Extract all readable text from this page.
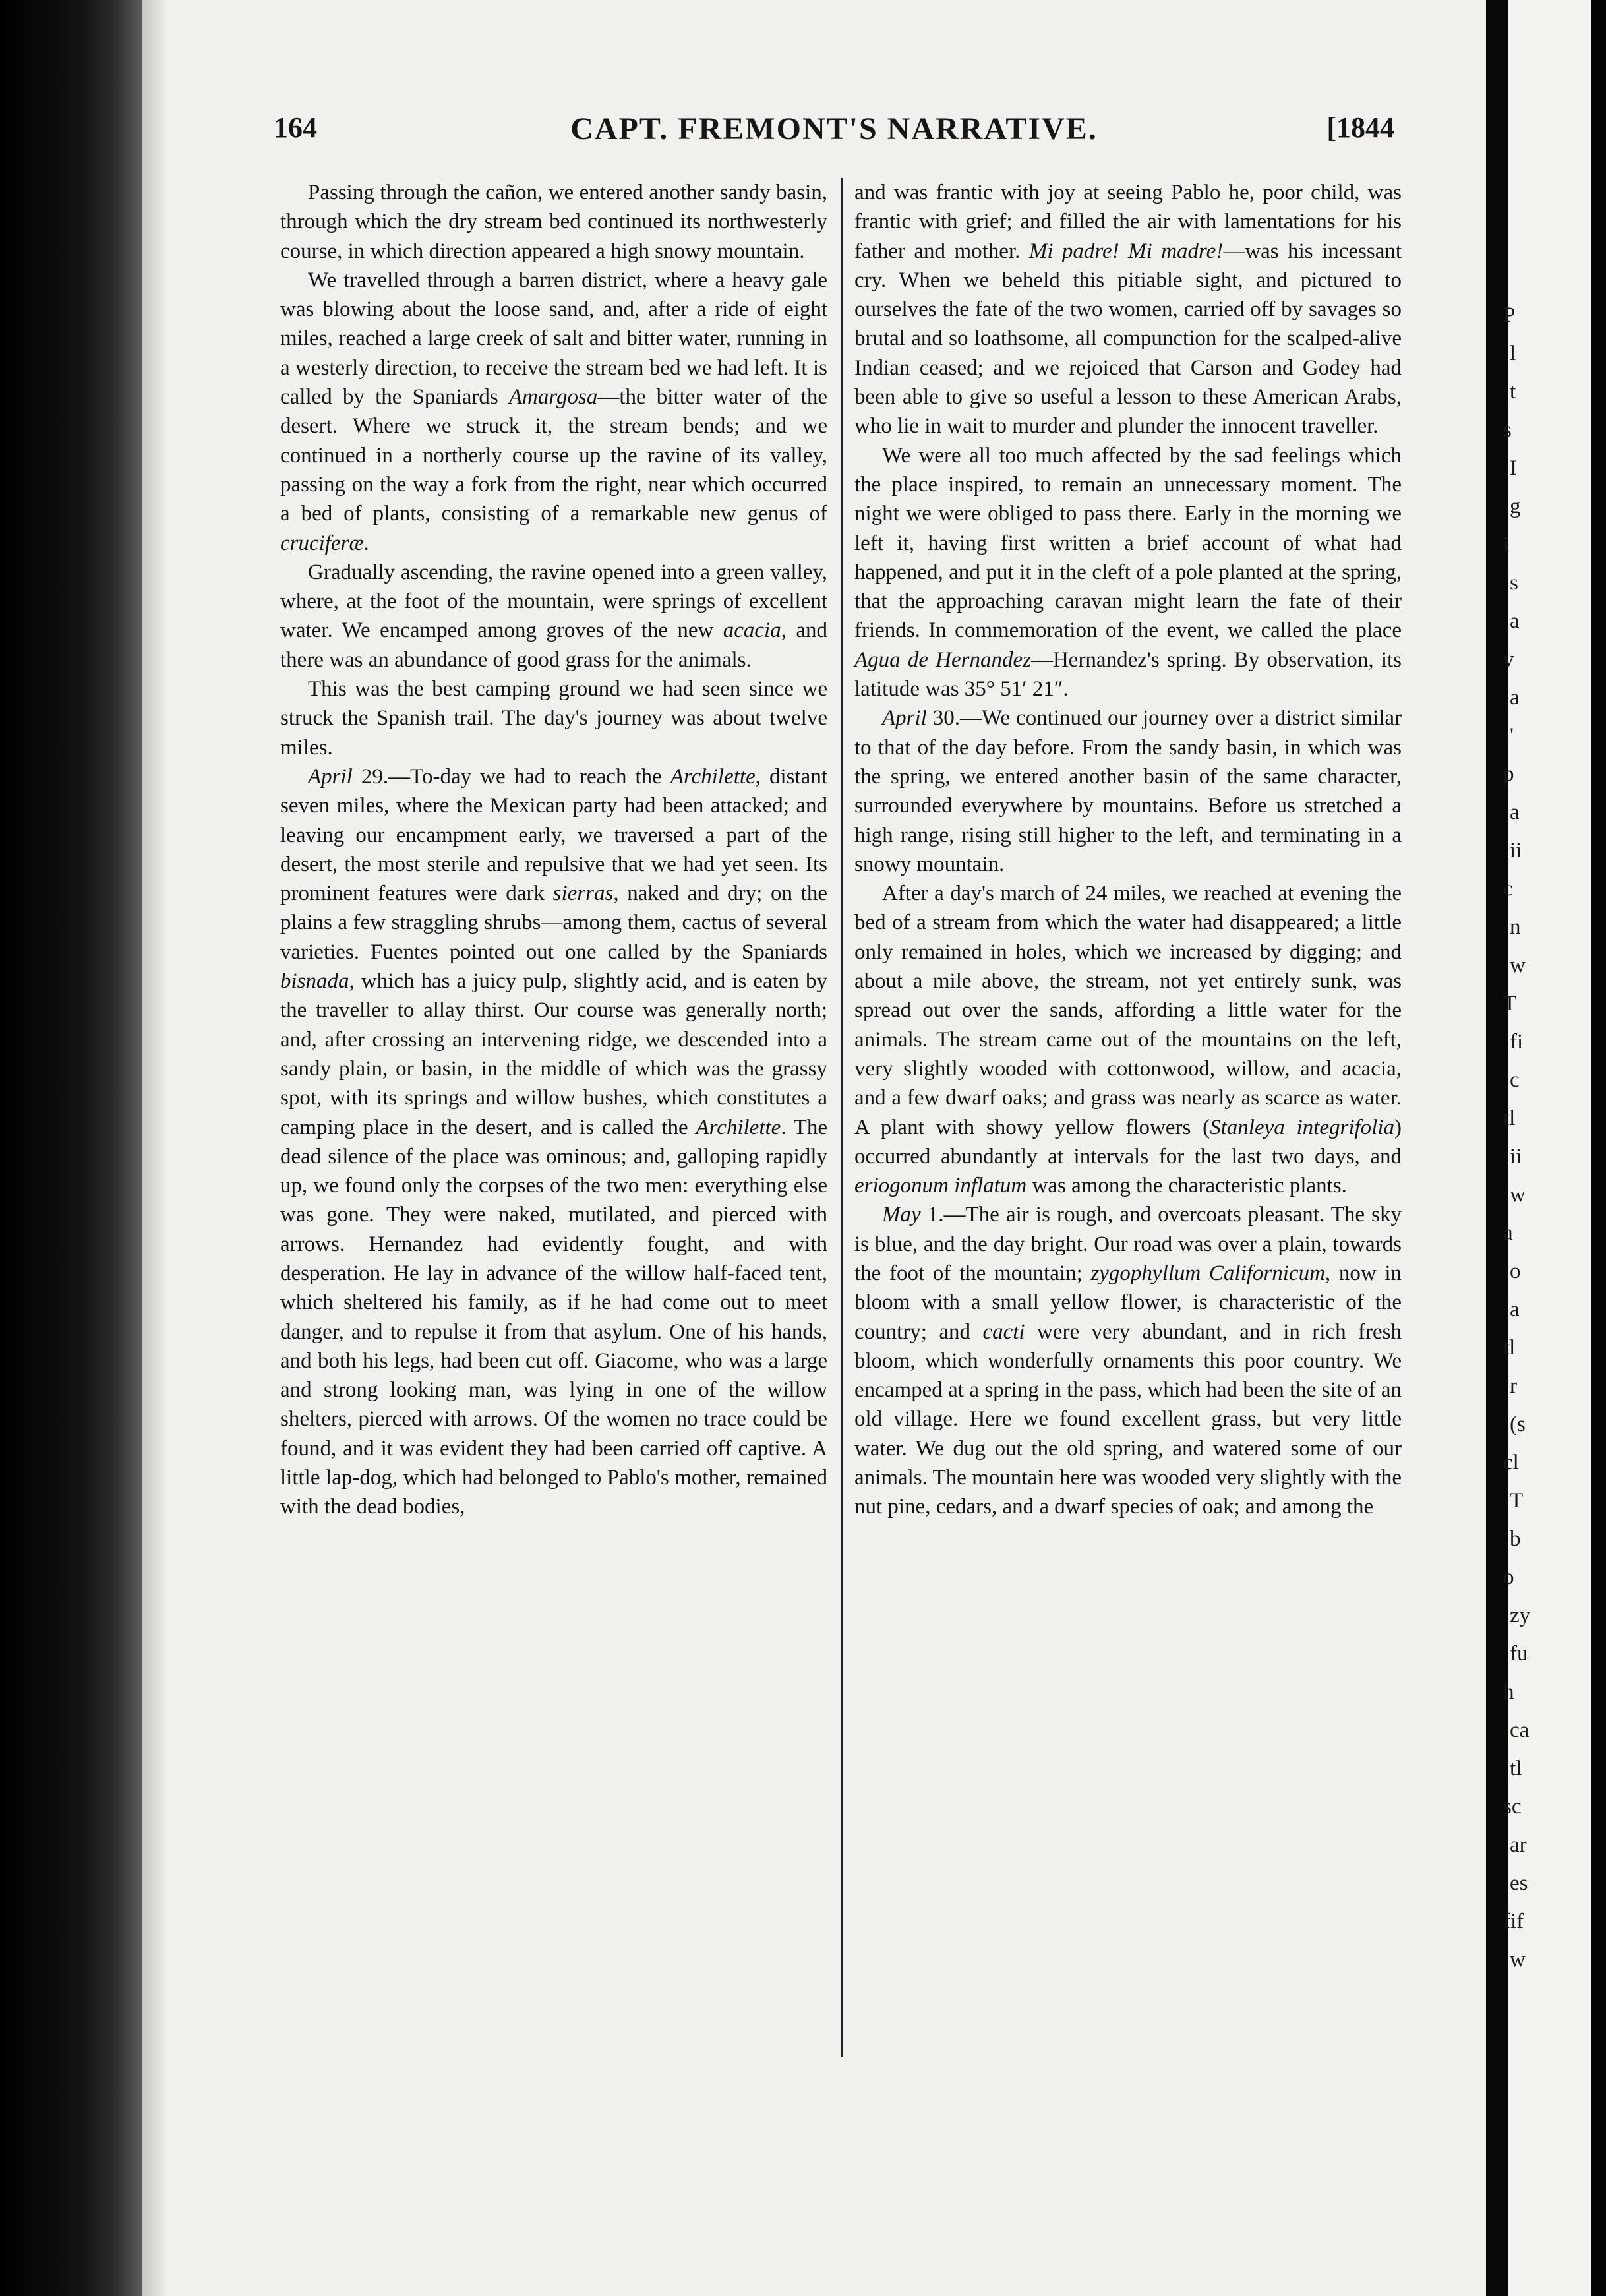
P
l
t
s
I
g
i
s
a
v
a
'
p
a
ii
c
n
w
T
fi
c
tl
ii
w
a
o
a
tl
r
(s
cl
T
b
o
zy
fu
h
ca
tl
sc
ar
es
fif
w
164	CAPT. FREMONT'S NARRATIVE.	[1844

Passing through the cañon, we entered another sandy basin, through which the dry stream bed continued its northwesterly course, in which direction appeared a high snowy mountain.

We travelled through a barren district, where a heavy gale was blowing about the loose sand, and, after a ride of eight miles, reached a large creek of salt and bitter water, running in a westerly direction, to receive the stream bed we had left. It is called by the Spaniards Amargosa—the bitter water of the desert. Where we struck it, the stream bends; and we continued in a northerly course up the ravine of its valley, passing on the way a fork from the right, near which occurred a bed of plants, consisting of a remarkable new genus of cruciferæ.

Gradually ascending, the ravine opened into a green valley, where, at the foot of the mountain, were springs of excellent water. We encamped among groves of the new acacia, and there was an abundance of good grass for the animals.

This was the best camping ground we had seen since we struck the Spanish trail. The day's journey was about twelve miles.

April 29.—To-day we had to reach the Archilette, distant seven miles, where the Mexican party had been attacked; and leaving our encampment early, we traversed a part of the desert, the most sterile and repulsive that we had yet seen. Its prominent features were dark sierras, naked and dry; on the plains a few straggling shrubs—among them, cactus of several varieties. Fuentes pointed out one called by the Spaniards bisnada, which has a juicy pulp, slightly acid, and is eaten by the traveller to allay thirst. Our course was generally north; and, after crossing an intervening ridge, we descended into a sandy plain, or basin, in the middle of which was the grassy spot, with its springs and willow bushes, which constitutes a camping place in the desert, and is called the Archilette. The dead silence of the place was ominous; and, galloping rapidly up, we found only the corpses of the two men: everything else was gone. They were naked, mutilated, and pierced with arrows. Hernandez had evidently fought, and with desperation. He lay in advance of the willow half-faced tent, which sheltered his family, as if he had come out to meet danger, and to repulse it from that asylum. One of his hands, and both his legs, had been cut off. Giacome, who was a large and strong looking man, was lying in one of the willow shelters, pierced with arrows. Of the women no trace could be found, and it was evident they had been carried off captive. A little lap-dog, which had belonged to Pablo's mother, remained with the dead bodies,

and was frantic with joy at seeing Pablo he, poor child, was frantic with grief; and filled the air with lamentations for his father and mother. Mi padre! Mi madre!—was his incessant cry. When we beheld this pitiable sight, and pictured to ourselves the fate of the two women, carried off by savages so brutal and so loathsome, all compunction for the scalped-alive Indian ceased; and we rejoiced that Carson and Godey had been able to give so useful a lesson to these American Arabs, who lie in wait to murder and plunder the innocent traveller.

We were all too much affected by the sad feelings which the place inspired, to remain an unnecessary moment. The night we were obliged to pass there. Early in the morning we left it, having first written a brief account of what had happened, and put it in the cleft of a pole planted at the spring, that the approaching caravan might learn the fate of their friends. In commemoration of the event, we called the place Agua de Hernandez—Hernandez's spring. By observation, its latitude was 35° 51′ 21″.

April 30.—We continued our journey over a district similar to that of the day before. From the sandy basin, in which was the spring, we entered another basin of the same character, surrounded everywhere by mountains. Before us stretched a high range, rising still higher to the left, and terminating in a snowy mountain.

After a day's march of 24 miles, we reached at evening the bed of a stream from which the water had disappeared; a little only remained in holes, which we increased by digging; and about a mile above, the stream, not yet entirely sunk, was spread out over the sands, affording a little water for the animals. The stream came out of the mountains on the left, very slightly wooded with cottonwood, willow, and acacia, and a few dwarf oaks; and grass was nearly as scarce as water. A plant with showy yellow flowers (Stanleya integrifolia) occurred abundantly at intervals for the last two days, and eriogonum inflatum was among the characteristic plants.

May 1.—The air is rough, and overcoats pleasant. The sky is blue, and the day bright. Our road was over a plain, towards the foot of the mountain; zygophyllum Californicum, now in bloom with a small yellow flower, is characteristic of the country; and cacti were very abundant, and in rich fresh bloom, which wonderfully ornaments this poor country. We encamped at a spring in the pass, which had been the site of an old village. Here we found excellent grass, but very little water. We dug out the old spring, and watered some of our animals. The mountain here was wooded very slightly with the nut pine, cedars, and a dwarf species of oak; and among the
